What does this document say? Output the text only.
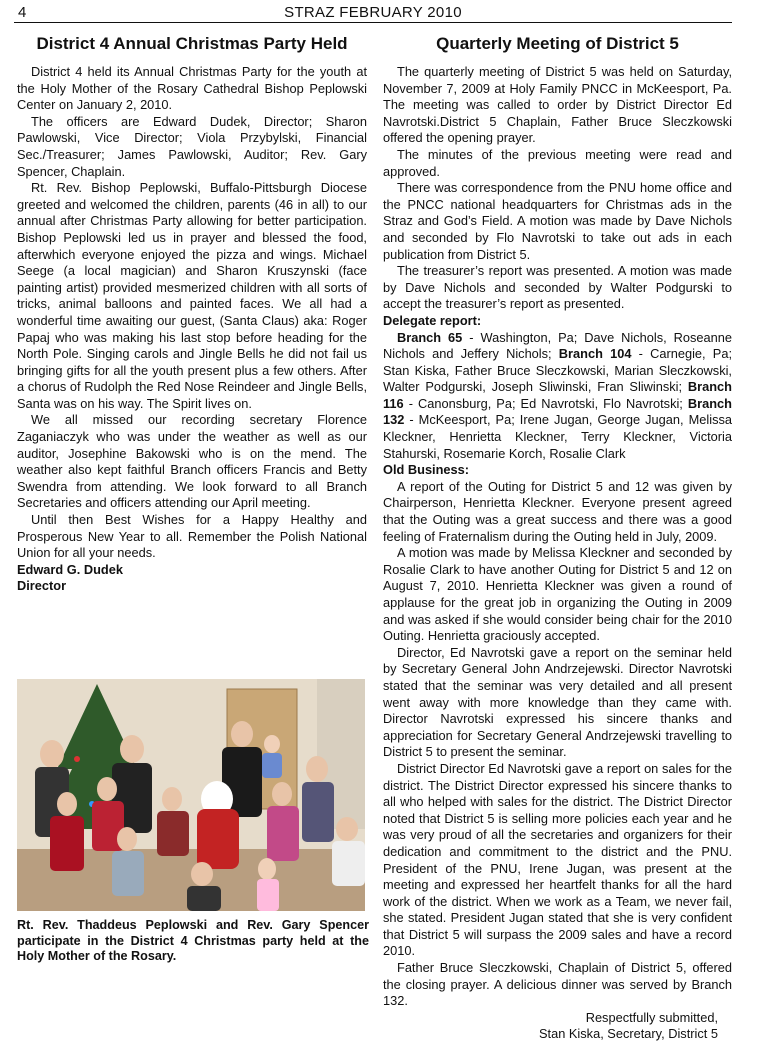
4	STRAZ FEBRUARY 2010
District 4 Annual Christmas Party Held

District 4 held its Annual Christmas Party for the youth at the Holy Mother of the Rosary Cathedral Bishop Peplowski Center on January 2, 2010.

The officers are Edward Dudek, Director; Sharon Pawlowski, Vice Director; Viola Przybylski, Financial Sec./Treasurer; James Pawlowski, Auditor; Rev. Gary Spencer, Chaplain.

Rt. Rev. Bishop Peplowski, Buffalo-Pittsburgh Diocese greeted and welcomed the children, parents (46 in all) to our annual after Christmas Party allowing for better participation. Bishop Peplowski led us in prayer and blessed the food, afterwhich everyone enjoyed the pizza and wings. Michael Seege (a local magician) and Sharon Kruszynski (face painting artist) provided mesmerized children with all sorts of tricks, animal balloons and painted faces. We all had a wonderful time awaiting our guest, (Santa Claus) aka: Roger Papaj who was making his last stop before heading for the North Pole. Singing carols and Jingle Bells he did not fail us bringing gifts for all the youth present plus a few others. After a chorus of Rudolph the Red Nose Reindeer and Jingle Bells, Santa was on his way. The Spirit lives on.

We all missed our recording secretary Florence Zaganiaczyk who was under the weather as well as our auditor, Josephine Bakowski who is on the mend. The weather also kept faithful Branch officers Francis and Betty Swendra from attending. We look forward to all Branch Secretaries and officers attending our April meeting.

Until then Best Wishes for a Happy Healthy and Prosperous New Year to all. Remember the Polish National Union for all your needs.

Edward G. Dudek
Director
Rt. Rev. Thaddeus Peplowski and Rev. Gary Spencer participate in the District 4 Christmas party held at the Holy Mother of the Rosary.
Quarterly Meeting of District 5

The quarterly meeting of District 5 was held on Saturday, November 7, 2009 at Holy Family PNCC in McKeesport, Pa. The meeting was called to order by District Director Ed Navrotski.District 5 Chaplain, Father Bruce Sleczkowski offered the opening prayer.

The minutes of the previous meeting were read and approved.

There was correspondence from the PNU home office and the PNCC national headquarters for Christmas ads in the Straz and God’s Field. A motion was made by Dave Nichols and seconded by Flo Navrotski to take out ads in each publication from District 5.

The treasurer’s report was presented. A motion was made by Dave Nichols and seconded by Walter Podgurski to accept the treasurer’s report as presented.

Delegate report:

Branch 65 - Washington, Pa; Dave Nichols, Roseanne Nichols and Jeffery Nichols; Branch 104 - Carnegie, Pa; Stan Kiska, Father Bruce Sleczkowski, Marian Sleczkowski, Walter Podgurski, Joseph Sliwinski, Fran Sliwinski; Branch 116 - Canonsburg, Pa; Ed Navrotski, Flo Navrotski; Branch 132 - McKeesport, Pa; Irene Jugan, George Jugan, Melissa Kleckner, Henrietta Kleckner, Terry Kleckner, Victoria Stahurski, Rosemarie Korch, Rosalie Clark

Old Business:

A report of the Outing for District 5 and 12 was given by Chairperson, Henrietta Kleckner. Everyone present agreed that the Outing was a great success and there was a good feeling of Fraternalism during the Outing held in July, 2009.

A motion was made by Melissa Kleckner and seconded by Rosalie Clark to have another Outing for District 5 and 12 on August 7, 2010. Henrietta Kleckner was given a round of applause for the great job in organizing the Outing in 2009 and was asked if she would consider being chair for the 2010 Outing. Henrietta graciously accepted.

Director, Ed Navrotski gave a report on the seminar held by Secretary General John Andrzejewski. Director Navrotski stated that the seminar was very detailed and all present went away with more knowledge than they came with. Director Navrotski expressed his sincere thanks and appreciation for Secretary General Andrzejewski travelling to District 5 to present the seminar.

District Director Ed Navrotski gave a report on sales for the district. The District Director expressed his sincere thanks to all who helped with sales for the district. The District Director noted that District 5 is selling more policies each year and he was very proud of all the secretaries and organizers for their dedication and commitment to the district and the PNU. President of the PNU, Irene Jugan, was present at the meeting and expressed her heartfelt thanks for all the hard work of the district. When we work as a Team, we never fail, she stated. President Jugan stated that she is very confident that District 5 will surpass the 2009 sales and have a record 2010.

Father Bruce Sleczkowski, Chaplain of District 5, offered the closing prayer. A delicious dinner was served by Branch 132.

Respectfully submitted,
Stan Kiska, Secretary, District 5
